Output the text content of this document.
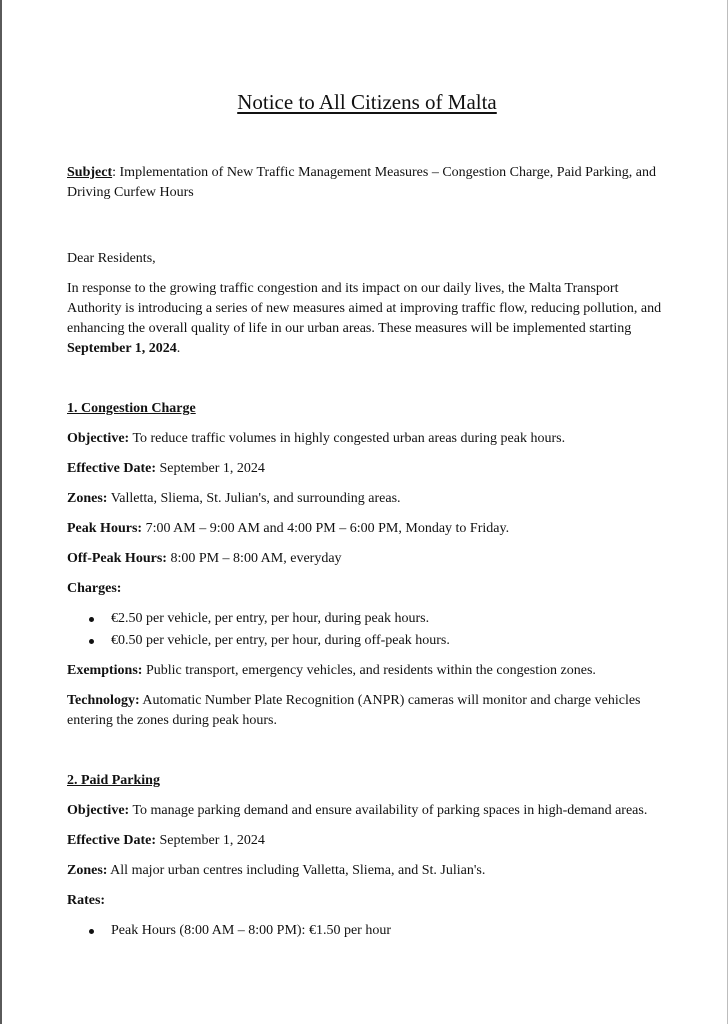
Notice to All Citizens of Malta

Subject: Implementation of New Traffic Management Measures – Congestion Charge, Paid Parking, and Driving Curfew Hours

Dear Residents,

In response to the growing traffic congestion and its impact on our daily lives, the Malta Transport Authority is introducing a series of new measures aimed at improving traffic flow, reducing pollution, and enhancing the overall quality of life in our urban areas. These measures will be implemented starting September 1, 2024.

1. Congestion Charge

Objective: To reduce traffic volumes in highly congested urban areas during peak hours.

Effective Date: September 1, 2024

Zones: Valletta, Sliema, St. Julian's, and surrounding areas.

Peak Hours: 7:00 AM – 9:00 AM and 4:00 PM – 6:00 PM, Monday to Friday.

Off-Peak Hours: 8:00 PM – 8:00 AM, everyday

Charges:

€2.50 per vehicle, per entry, per hour, during peak hours.
€0.50 per vehicle, per entry, per hour, during off-peak hours.

Exemptions: Public transport, emergency vehicles, and residents within the congestion zones.

Technology: Automatic Number Plate Recognition (ANPR) cameras will monitor and charge vehicles entering the zones during peak hours.

2. Paid Parking

Objective: To manage parking demand and ensure availability of parking spaces in high-demand areas.

Effective Date: September 1, 2024

Zones: All major urban centres including Valletta, Sliema, and St. Julian's.

Rates:

Peak Hours (8:00 AM – 8:00 PM): €1.50 per hour
